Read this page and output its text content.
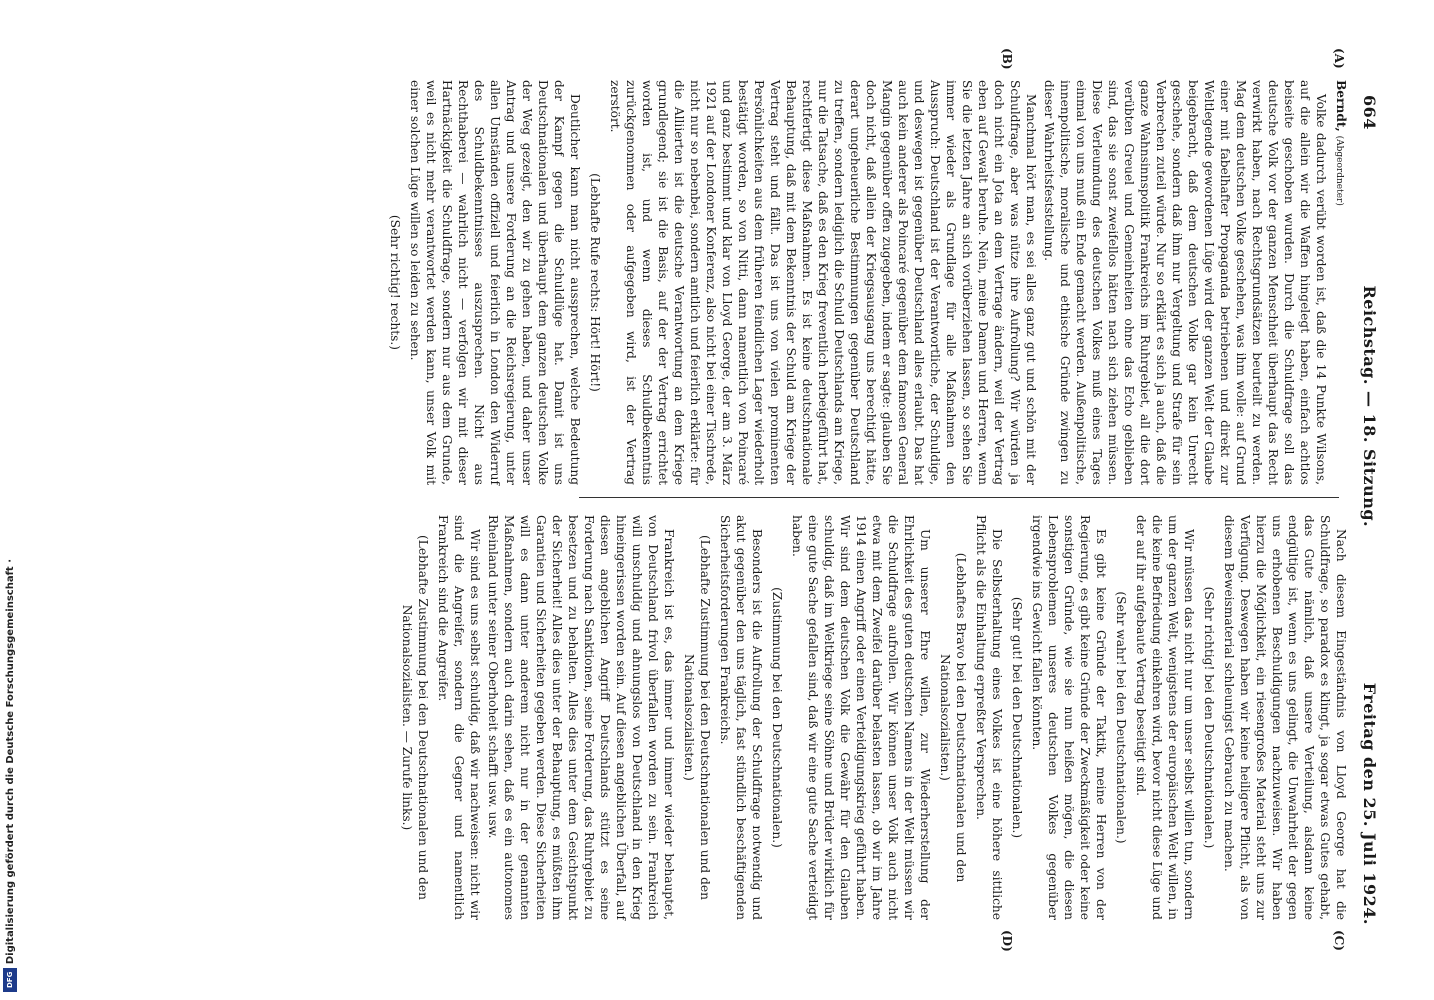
664
Reichstag. — 18. Sitzung.
Freitag den 25. Juli 1924.
(A)
(B)
(C)
(D)

Berndt, (Abgeordneter)

Volke dadurch verübt worden ist, daß die 14 Punkte Wilsons, auf die allein wir die Waffen hingelegt haben, einfach achtlos beiseite geschoben wurden. Durch die Schuldfrage soll das deutsche Volk vor der ganzen Menschheit überhaupt das Recht verwirkt haben, nach Rechtsgrundsätzen beurteilt zu werden. Mag dem deutschen Volke geschehen, was ihm wolle: auf Grund einer mit fabelhafter Propaganda betriebenen und direkt zur Weltlegende gewordenen Lüge wird der ganzen Welt der Glaube beigebracht, daß dem deutschen Volke gar kein Unrecht geschehe, sondern daß ihm nur Vergeltung und Strafe für sein Verbrechen zuteil würde. Nur so erklärt es sich ja auch, daß die ganze Wahnsinnspolitik Frankreichs im Ruhrgebiet, all die dort verübten Greuel und Gemeinheiten ohne das Echo geblieben sind, das sie sonst zweifellos hätten nach sich ziehen müssen. Diese Verleumdung des deutschen Volkes muß eines Tages einmal von uns muß ein Ende gemacht werden. Außenpolitische, innenpolitische, moralische und ethische Gründe zwingen zu dieser Wahrheitsfeststellung.

Manchmal hört man, es sei alles ganz gut und schön mit der Schuldfrage, aber was nütze ihre Aufrollung? Wir würden ja doch nicht ein Jota an dem Vertrage ändern, weil der Vertrag eben auf Gewalt beruhe. Nein, meine Damen und Herren, wenn Sie die letzten Jahre an sich vorüberziehen lassen, so sehen Sie immer wieder als Grundlage für alle Maßnahmen den Ausspruch: Deutschland ist der Verantwortliche, der Schuldige, und deswegen ist gegenüber Deutschland alles erlaubt. Das hat auch kein anderer als Poincaré gegenüber dem famosen General Mangin gegenüber offen zugegeben, indem er sagte: glauben Sie doch nicht, daß allein der Kriegsausgang uns berechtigt hätte, derart ungeheuerliche Bestimmungen gegenüber Deutschland zu treffen, sondern lediglich die Schuld Deutschlands am Kriege, nur die Tatsache, daß es den Krieg freventlich herbeigeführt hat, rechtfertigt diese Maßnahmen. Es ist keine deutschnationale Behauptung, daß mit dem Bekenntnis der Schuld am Kriege der Vertrag steht und fällt. Das ist uns von vielen prominenten Persönlichkeiten aus dem früheren feindlichen Lager wiederholt bestätigt worden, so von Nitti, dann namentlich von Poincaré und ganz bestimmt und klar von Lloyd George, der am 3. März 1921 auf der Londoner Konferenz, also nicht bei einer Tischrede, nicht nur so nebenbei, sondern amtlich und feierlich erklärte: für die Alliierten ist die deutsche Verantwortung an dem Kriege grundlegend; sie ist die Basis, auf der der Vertrag errichtet worden ist, und wenn dieses Schuldbekenntnis zurückgenommen oder aufgegeben wird, ist der Vertrag zerstört.

(Lebhafte Rufe rechts: Hört! Hört!)

Deutlicher kann man nicht aussprechen, welche Bedeutung der Kampf gegen die Schuldlüge hat. Damit ist uns Deutschnationalen und überhaupt dem ganzen deutschen Volke der Weg gezeigt, den wir zu gehen haben, und daher unser Antrag und unsere Forderung an die Reichsregierung, unter allen Umständen offiziell und feierlich in London den Widerruf des Schuldbekenntnisses auszusprechen. Nicht aus Rechthaberei — wahrlich nicht — verfolgen wir mit dieser Hartnäckigkeit die Schuldfrage, sondern nur aus dem Grunde, weil es nicht mehr verantwortet werden kann, unser Volk mit einer solchen Lüge willen so leiden zu sehen.

(Sehr richtig! rechts.)

Nach diesem Eingeständnis von Lloyd George hat die Schuldfrage, so paradox es klingt, ja sogar etwas Gutes gehabt, das Gute nämlich, daß unsere Verteilung, alsdann keine endgültige ist, wenn es uns gelingt, die Unwahrheit der gegen uns erhobenen Beschuldigungen nachzuweisen. Wir haben hierzu die Möglichkeit, ein riesengroßes Material steht uns zur Verfügung. Deswegen haben wir keine heiligere Pflicht, als von diesem Beweismaterial schleunigst Gebrauch zu machen.

(Sehr richtig! bei den Deutschnationalen.)

Wir müssen das nicht nur um unser selbst willen tun, sondern um der ganzen Welt, wenigstens der europäischen Welt willen, in die keine Befriedung einkehren wird, bevor nicht diese Lüge und der auf ihr aufgebaute Vertrag beseitigt sind.

(Sehr wahr! bei den Deutschnationalen.)

Es gibt keine Gründe der Taktik, meine Herren von der Regierung, es gibt keine Gründe der Zweckmäßigkeit oder keine sonstigen Gründe, wie sie nun heißen mögen, die diesen Lebensproblemen unseres deutschen Volkes gegenüber irgendwie ins Gewicht fallen könnten.

(Sehr gut! bei den Deutschnationalen.)

Die Selbsterhaltung eines Volkes ist eine höhere sittliche Pflicht als die Einhaltung erpreßter Versprechen.

(Lebhaftes Bravo bei den Deutschnationalen und den Nationalsozialisten.)

Um unserer Ehre willen, zur Wiederherstellung der Ehrlichkeit des guten deutschen Namens in der Welt müssen wir die Schuldfrage aufrollen. Wir können unser Volk auch nicht etwa mit dem Zweifel darüber belasten lassen, ob wir im Jahre 1914 einen Angriff oder einen Verteidigungskrieg geführt haben. Wir sind dem deutschen Volk die Gewähr für den Glauben schuldig, daß im Weltkriege seine Söhne und Brüder wirklich für eine gute Sache gefallen sind, daß wir eine gute Sache verteidigt haben.

(Zustimmung bei den Deutschnationalen.)

Besonders ist die Aufrollung der Schuldfrage notwendig und akut gegenüber den uns täglich, fast stündlich beschäftigenden Sicherheitsforderungen Frankreichs.

(Lebhafte Zustimmung bei den Deutschnationalen und den Nationalsozialisten.)

Frankreich ist es, das immer und immer wieder behauptet, von Deutschland frivol überfallen worden zu sein. Frankreich will unschuldig und ahnungslos von Deutschland in den Krieg hineingerissen worden sein. Auf diesen angeblichen Überfall, auf diesen angeblichen Angriff Deutschlands stützt es seine Forderung nach Sanktionen, seine Forderung, das Ruhrgebiet zu besetzen und zu behalten. Alles dies unter dem Gesichtspunkt der Sicherheit! Alles dies unter der Behauptung, es müßten ihm Garantien und Sicherheiten gegeben werden. Diese Sicherheiten will es dann unter anderem nicht nur in der genannten Maßnahmen, sondern auch darin sehen, daß es ein autonomes Rheinland unter seiner Oberhoheit schafft usw. usw.

Wir sind es uns selbst schuldig, daß wir nachweisen: nicht wir sind die Angreifer, sondern die Gegner und namentlich Frankreich sind die Angreifer.

(Lebhafte Zustimmung bei den Deutschnationalen und den Nationalsozialisten. — Zurufe links.)

Digitalisierung gefördert durch die Deutsche Forschungsgemeinschaft ·
DFG
